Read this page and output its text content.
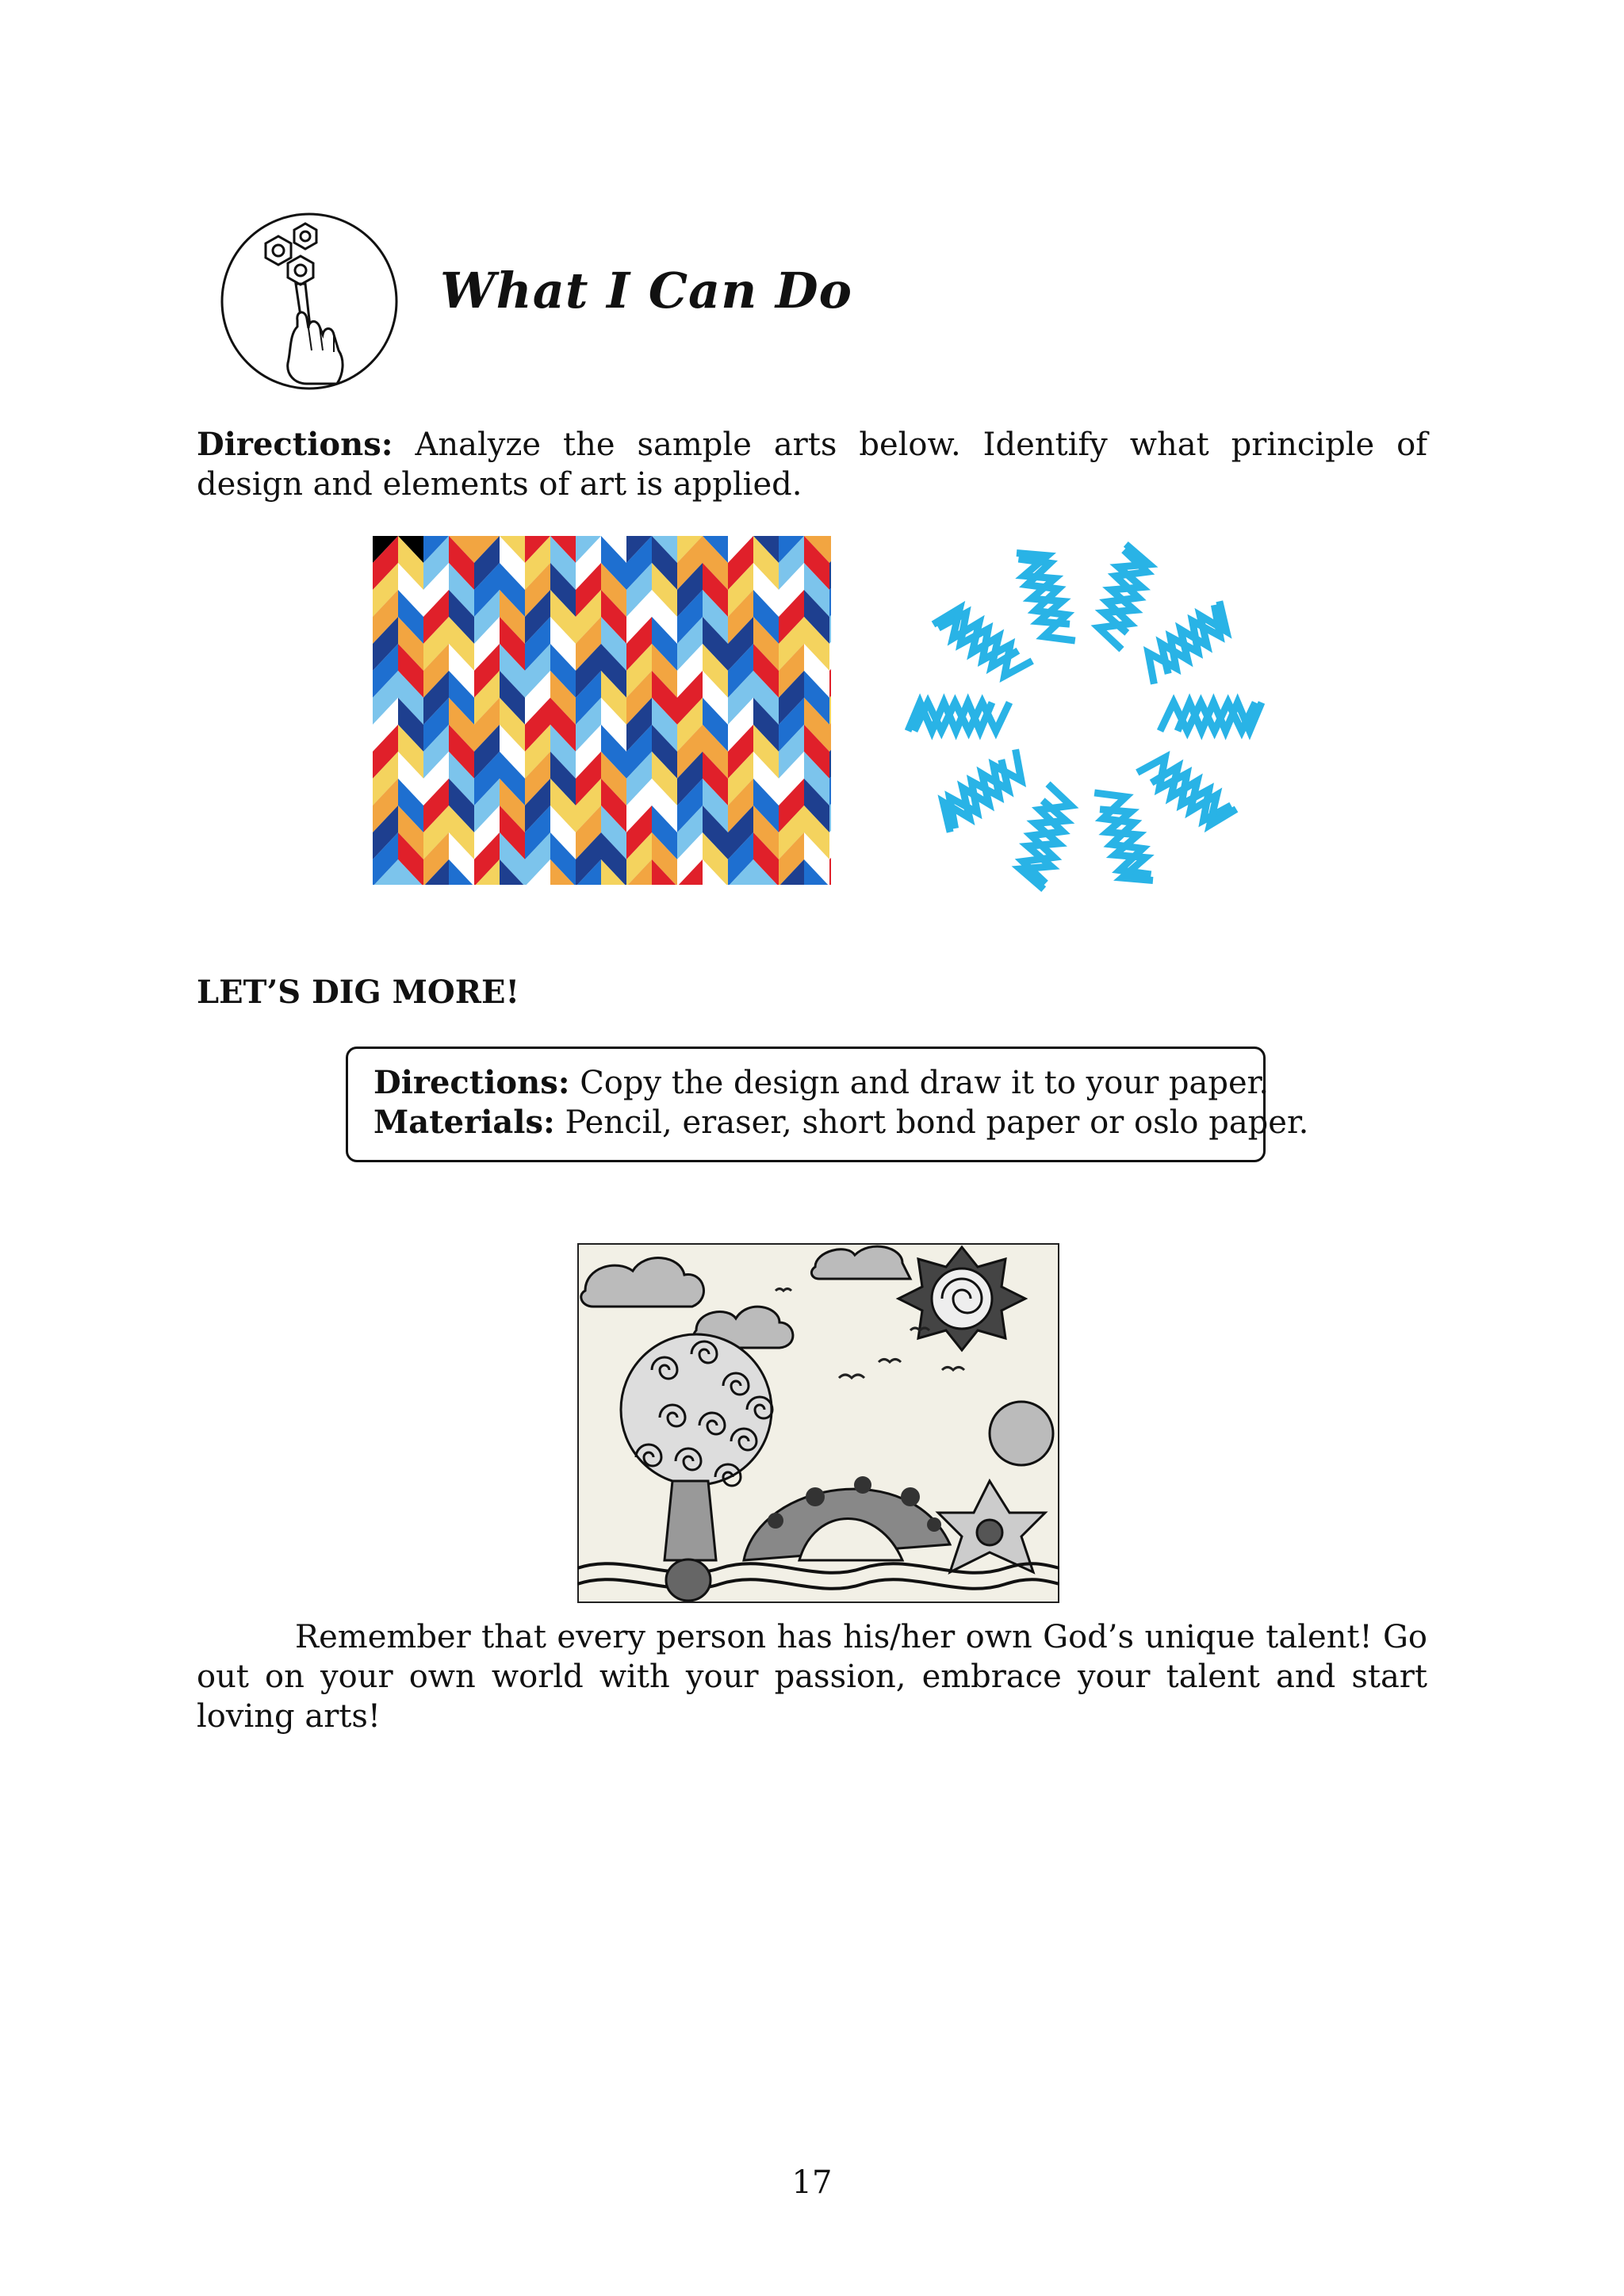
What I Can Do
Directions: Analyze the sample arts below. Identify what principle of design and elements of art is applied.
LET’S DIG MORE!
Directions: Copy the design and draw it to your paper.
Materials: Pencil, eraser, short bond paper or oslo paper.
Remember that every person has his/her own God’s unique talent! Go out on your own world with your passion, embrace your talent and start loving arts!
17
